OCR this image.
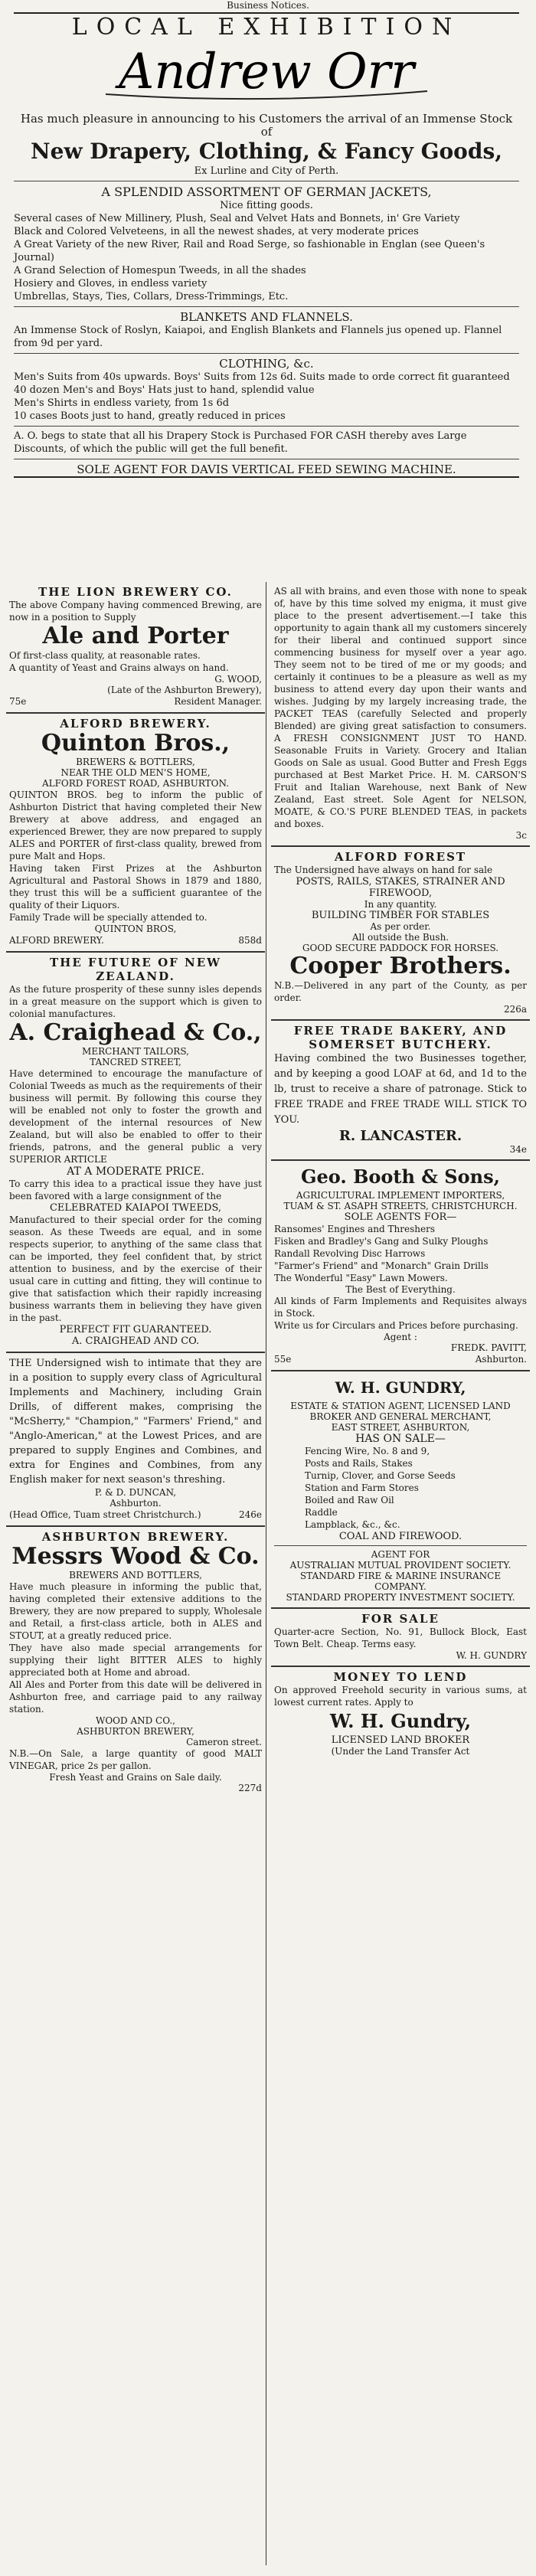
Business Notices.
LOCAL EXHIBITION
Andrew Orr

Has much pleasure in announcing to his Customers the arrival of an Immense Stock of

New Drapery, Clothing, & Fancy Goods,

Ex Lurline and City of Perth.

A SPLENDID ASSORTMENT OF GERMAN JACKETS,

Nice fitting goods.

Several cases of New Millinery, Plush, Seal and Velvet Hats and Bonnets, in' Gre Variety

Black and Colored Velveteens, in all the newest shades, at very moderate prices

A Great Variety of the new River, Rail and Road Serge, so fashionable in Englan (see Queen's Journal)

A Grand Selection of Homespun Tweeds, in all the shades

Hosiery and Gloves, in endless variety

Umbrellas, Stays, Ties, Collars, Dress-Trimmings, Etc.

BLANKETS AND FLANNELS.

An Immense Stock of Roslyn, Kaiapoi, and English Blankets and Flannels jus opened up. Flannel from 9d per yard.

CLOTHING, &c.

Men's Suits from 40s upwards. Boys' Suits from 12s 6d. Suits made to orde correct fit guaranteed

40 dozen Men's and Boys' Hats just to hand, splendid value

Men's Shirts in endless variety, from 1s 6d

10 cases Boots just to hand, greatly reduced in prices

A. O. begs to state that all his Drapery Stock is Purchased FOR CASH thereby aves Large Discounts, of which the public will get the full benefit.

SOLE AGENT FOR DAVIS VERTICAL FEED SEWING MACHINE.

THE LION BREWERY CO.

The above Company having commenced Brewing, are now in a position to Supply

Ale and Porter

Of first-class quality, at reasonable rates.

A quantity of Yeast and Grains always on hand.

G. WOOD,

(Late of the Ashburton Brewery),

75e	Resident Manager.

ALFORD BREWERY.
Quinton Bros.,

BREWERS & BOTTLERS,

NEAR THE OLD MEN'S HOME,

ALFORD FOREST ROAD, ASHBURTON.

QUINTON BROS. beg to inform the public of Ashburton District that having completed their New Brewery at above address, and engaged an experienced Brewer, they are now prepared to supply ALES and PORTER of first-class quality, brewed from pure Malt and Hops.

Having taken First Prizes at the Ashburton Agricultural and Pastoral Shows in 1879 and 1880, they trust this will be a sufficient guarantee of the quality of their Liquors.

Family Trade will be specially attended to.

QUINTON BROS,

ALFORD BREWERY.	858d

THE FUTURE OF NEW ZEALAND.

As the future prosperity of these sunny isles depends in a great measure on the support which is given to colonial manufactures.

A. Craighead & Co.,

MERCHANT TAILORS,

TANCRED STREET,

Have determined to encourage the manufacture of Colonial Tweeds as much as the requirements of their business will permit. By following this course they will be enabled not only to foster the growth and development of the internal resources of New Zealand, but will also be enabled to offer to their friends, patrons, and the general public a very SUPERIOR ARTICLE

AT A MODERATE PRICE.

To carry this idea to a practical issue they have just been favored with a large consignment of the

CELEBRATED KAIAPOI TWEEDS,

Manufactured to their special order for the coming season. As these Tweeds are equal, and in some respects superior, to anything of the same class that can be imported, they feel confident that, by strict attention to business, and by the exercise of their usual care in cutting and fitting, they will continue to give that satisfaction which their rapidly increasing business warrants them in believing they have given in the past.

PERFECT FIT GUARANTEED.

A. CRAIGHEAD AND CO.

THE Undersigned wish to intimate that they are in a position to supply every class of Agricultural Implements and Machinery, including Grain Drills, of different makes, comprising the "McSherry," "Champion," "Farmers' Friend," and "Anglo-American," at the Lowest Prices, and are prepared to supply Engines and Combines, and extra for Engines and Combines, from any English maker for next season's threshing.

P. & D. DUNCAN,

Ashburton.

(Head Office, Tuam street Christchurch.)	246e

ASHBURTON BREWERY.
Messrs Wood & Co.

BREWERS AND BOTTLERS,

Have much pleasure in informing the public that, having completed their extensive additions to the Brewery, they are now prepared to supply, Wholesale and Retail, a first-class article, both in ALES and STOUT, at a greatly reduced price.

They have also made special arrangements for supplying their light BITTER ALES to highly appreciated both at Home and abroad.

All Ales and Porter from this date will be delivered in Ashburton free, and carriage paid to any railway station.

WOOD AND CO.,

ASHBURTON BREWERY,

Cameron street.

N.B.—On Sale, a large quantity of good MALT VINEGAR, price 2s per gallon.

Fresh Yeast and Grains on Sale daily.

227d

AS all with brains, and even those with none to speak of, have by this time solved my enigma, it must give place to the present advertisement.—I take this opportunity to again thank all my customers sincerely for their liberal and continued support since commencing business for myself over a year ago. They seem not to be tired of me or my goods; and certainly it continues to be a pleasure as well as my business to attend every day upon their wants and wishes. Judging by my largely increasing trade, the PACKET TEAS (carefully Selected and properly Blended) are giving great satisfaction to consumers. A FRESH CONSIGNMENT JUST TO HAND. Seasonable Fruits in Variety. Grocery and Italian Goods on Sale as usual. Good Butter and Fresh Eggs purchased at Best Market Price. H. M. CARSON'S Fruit and Italian Warehouse, next Bank of New Zealand, East street. Sole Agent for NELSON, MOATE, & CO.'S PURE BLENDED TEAS, in packets and boxes.

3c

ALFORD FOREST

The Undersigned have always on hand for sale

POSTS, RAILS, STAKES, STRAINER AND FIREWOOD,

In any quantity.

BUILDING TIMBER FOR STABLES

As per order.

All outside the Bush.

GOOD SECURE PADDOCK FOR HORSES.

Cooper Brothers.

N.B.—Delivered in any part of the County, as per order.

226a

FREE TRADE BAKERY, AND
SOMERSET BUTCHERY.

Having combined the two Businesses together, and by keeping a good LOAF at 6d, and 1d to the lb, trust to receive a share of patronage. Stick to FREE TRADE and FREE TRADE WILL STICK TO YOU.

R. LANCASTER.

34e

Geo. Booth & Sons,

AGRICULTURAL IMPLEMENT IMPORTERS,

TUAM & ST. ASAPH STREETS, CHRISTCHURCH.

SOLE AGENTS FOR—

Ransomes' Engines and Threshers

Fisken and Bradley's Gang and Sulky Ploughs

Randall Revolving Disc Harrows

"Farmer's Friend" and "Monarch" Grain Drills

The Wonderful "Easy" Lawn Mowers.

The Best of Everything.

All kinds of Farm Implements and Requisites always in Stock.

Write us for Circulars and Prices before purchasing.

Agent :

FREDK. PAVITT,

55e	Ashburton.

W. H. GUNDRY,

ESTATE & STATION AGENT, LICENSED LAND BROKER AND GENERAL MERCHANT,

EAST STREET, ASHBURTON,

HAS ON SALE—

Fencing Wire, No. 8 and 9,

Posts and Rails, Stakes

Turnip, Clover, and Gorse Seeds

Station and Farm Stores

Boiled and Raw Oil

Raddle

Lampblack, &c., &c.

COAL AND FIREWOOD.

AGENT FOR

AUSTRALIAN MUTUAL PROVIDENT SOCIETY.

STANDARD FIRE & MARINE INSURANCE COMPANY.

STANDARD PROPERTY INVESTMENT SOCIETY.

FOR SALE

Quarter-acre Section, No. 91, Bullock Block, East Town Belt. Cheap. Terms easy.

W. H. GUNDRY

MONEY TO LEND

On approved Freehold security in various sums, at lowest current rates. Apply to

W. H. Gundry,

LICENSED LAND BROKER

(Under the Land Transfer Act
